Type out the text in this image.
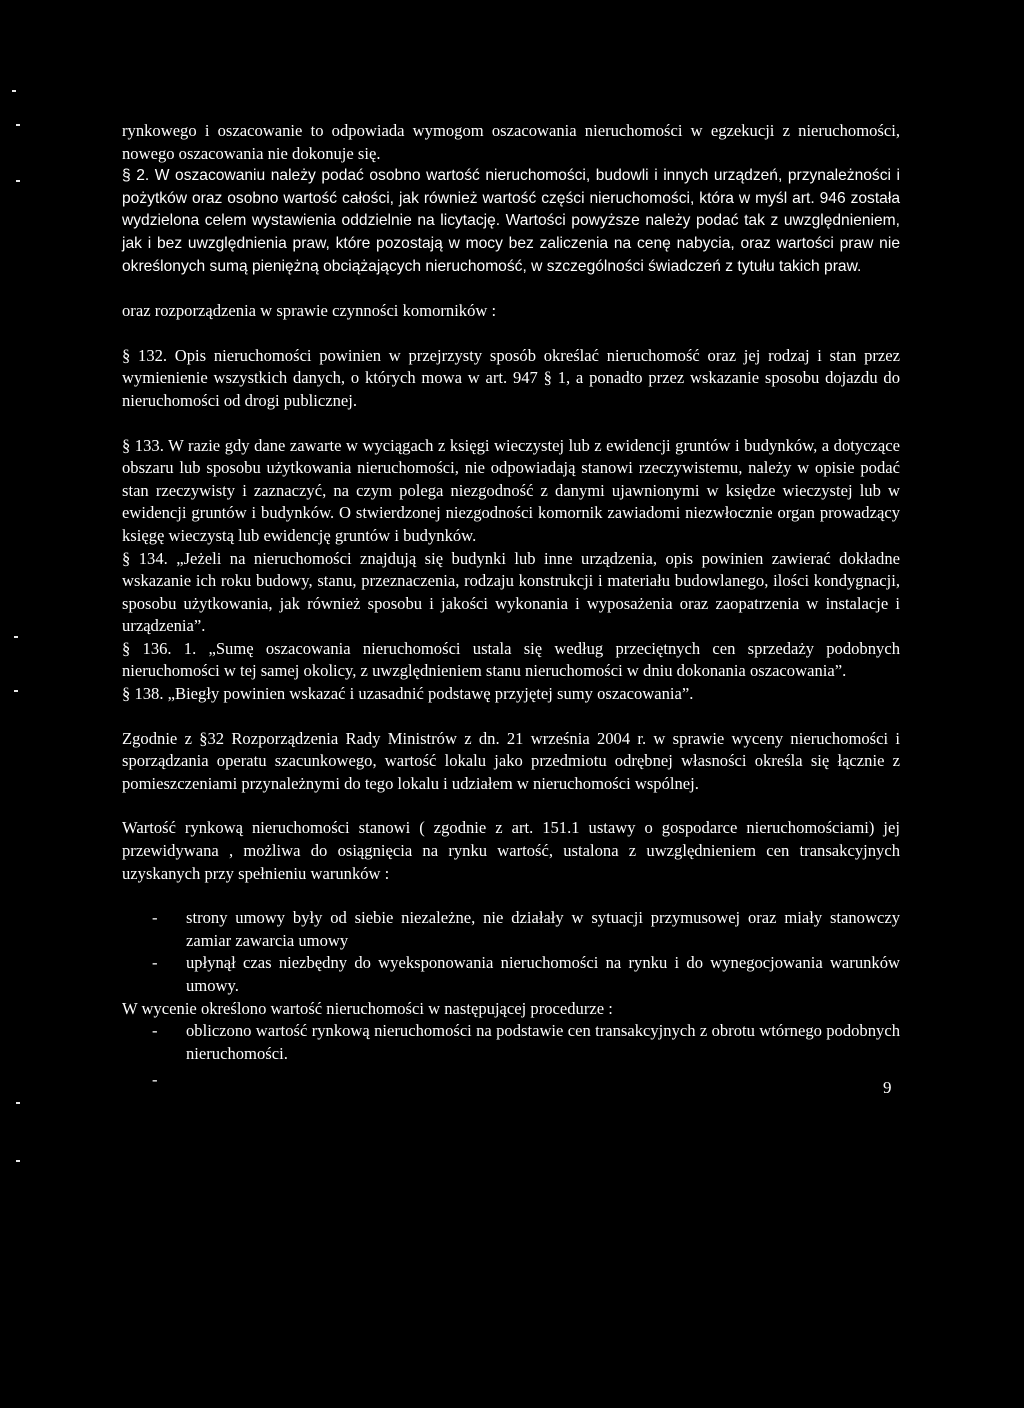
rynkowego i oszacowanie to odpowiada wymogom oszacowania nieruchomości w egzekucji z nieruchomości, nowego oszacowania nie dokonuje się.

§ 2. W oszacowaniu należy podać osobno wartość nieruchomości, budowli i innych urządzeń, przynależności i pożytków oraz osobno wartość całości, jak również wartość części nieruchomości, która w myśl art. 946 została wydzielona celem wystawienia oddzielnie na licytację. Wartości powyższe należy podać tak z uwzględnieniem, jak i bez uwzględnienia praw, które pozostają w mocy bez zaliczenia na cenę nabycia, oraz wartości praw nie określonych sumą pieniężną obciążających nieruchomość, w szczególności świadczeń z tytułu takich praw.

oraz rozporządzenia w sprawie czynności komorników :

§ 132. Opis nieruchomości powinien w przejrzysty sposób określać nieruchomość oraz jej rodzaj i stan przez wymienienie wszystkich danych, o których mowa w art. 947 § 1, a ponadto przez wskazanie sposobu dojazdu do nieruchomości od drogi publicznej.

§ 133. W razie gdy dane zawarte w wyciągach z księgi wieczystej lub z ewidencji gruntów i budynków, a dotyczące obszaru lub sposobu użytkowania nieruchomości, nie odpowiadają stanowi rzeczywistemu, należy w opisie podać stan rzeczywisty i zaznaczyć, na czym polega niezgodność z danymi ujawnionymi w księdze wieczystej lub w ewidencji gruntów i budynków. O stwierdzonej niezgodności komornik zawiadomi niezwłocznie organ prowadzący księgę wieczystą lub ewidencję gruntów i budynków.

§ 134. „Jeżeli na nieruchomości znajdują się budynki lub inne urządzenia, opis powinien zawierać dokładne wskazanie ich roku budowy, stanu, przeznaczenia, rodzaju konstrukcji i materiału budowlanego, ilości kondygnacji, sposobu użytkowania, jak również sposobu i jakości wykonania i wyposażenia oraz zaopatrzenia w instalacje i urządzenia”.

§ 136. 1. „Sumę oszacowania nieruchomości ustala się według przeciętnych cen sprzedaży podobnych nieruchomości w tej samej okolicy, z uwzględnieniem stanu nieruchomości w dniu dokonania oszacowania”.

§ 138. „Biegły powinien wskazać i uzasadnić podstawę przyjętej sumy oszacowania”.

Zgodnie z §32 Rozporządzenia Rady Ministrów z dn. 21 września 2004 r. w sprawie wyceny nieruchomości i sporządzania operatu szacunkowego, wartość lokalu jako przedmiotu odrębnej własności określa się łącznie z pomieszczeniami przynależnymi do tego lokalu i udziałem w nieruchomości wspólnej.

Wartość rynkową nieruchomości stanowi ( zgodnie z art. 151.1 ustawy o gospodarce nieruchomościami) jej przewidywana , możliwa do osiągnięcia na rynku wartość, ustalona z uwzględnieniem cen transakcyjnych uzyskanych przy spełnieniu warunków :

-	strony umowy były od siebie niezależne, nie działały w sytuacji przymusowej oraz miały stanowczy zamiar zawarcia umowy
-	upłynął czas niezbędny do wyeksponowania nieruchomości na rynku i do wynegocjowania warunków umowy.

W wycenie określono wartość nieruchomości w następującej procedurze :

-	obliczono wartość rynkową nieruchomości na podstawie cen transakcyjnych z obrotu wtórnego podobnych nieruchomości.
-	9
